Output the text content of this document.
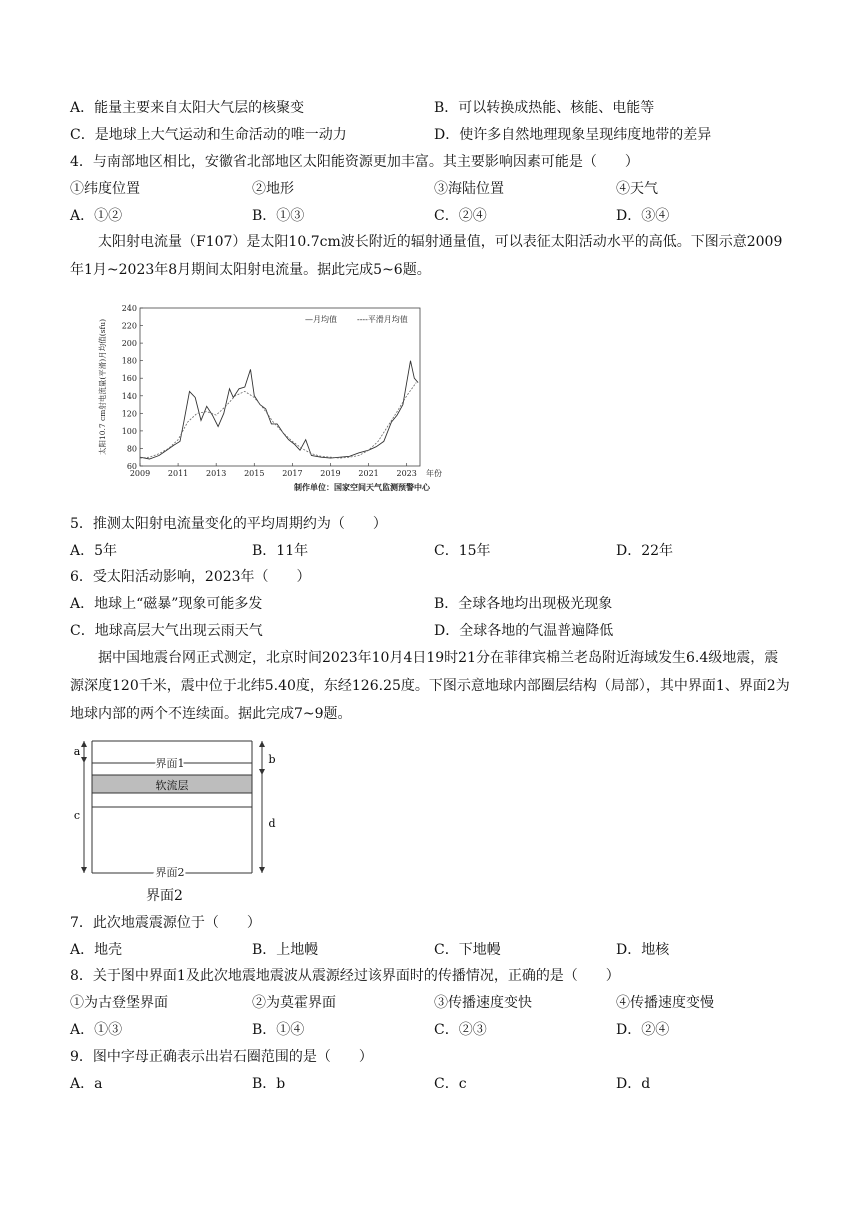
A．能量主要来自太阳大气层的核聚变	B．可以转换成热能、核能、电能等
C．是地球上大气运动和生命活动的唯一动力	D．使许多自然地理现象呈现纬度地带的差异
4．与南部地区相比，安徽省北部地区太阳能资源更加丰富。其主要影响因素可能是（　　）
①纬度位置	②地形	③海陆位置	④天气
A．①②	B．①③	C．②④	D．③④
太阳射电流量（F107）是太阳10.7cm波长附近的辐射通量值，可以表征太阳活动水平的高低。下图示意2009年1月~2023年8月期间太阳射电流量。据此完成5~6题。
60
80
100
120
140
160
180
200
220
240
2009 2011 2013 2015 2017 2019 2021 2023 年份
太阳10.7 cm射电流量(平滑)月均值(sfu)	—月均值	----平滑月均值
制作单位：国家空间天气监测预警中心
5．推测太阳射电流量变化的平均周期约为（　　）
A．5年	B．11年	C．15年	D．22年
6．受太阳活动影响，2023年（　　）
A．地球上“磁暴”现象可能多发	B．全球各地均出现极光现象
C．地球高层大气出现云雨天气	D．全球各地的气温普遍降低
据中国地震台网正式测定，北京时间2023年10月4日19时21分在菲律宾棉兰老岛附近海域发生6.4级地震，震源深度120千米，震中位于北纬5.40度，东经126.25度。下图示意地球内部圈层结构（局部），其中界面1、界面2为地球内部的两个不连续面。据此完成7~9题。
界面1
软流层
界面2
a
c
b
d
界面2
7．此次地震震源位于（　　）
A．地壳	B．上地幔	C．下地幔	D．地核
8．关于图中界面1及此次地震地震波从震源经过该界面时的传播情况，正确的是（　　）
①为古登堡界面	②为莫霍界面	③传播速度变快	④传播速度变慢
A．①③	B．①④	C．②③	D．②④
9．图中字母正确表示出岩石圈范围的是（　　）
A．a	B．b	C．c	D．d
